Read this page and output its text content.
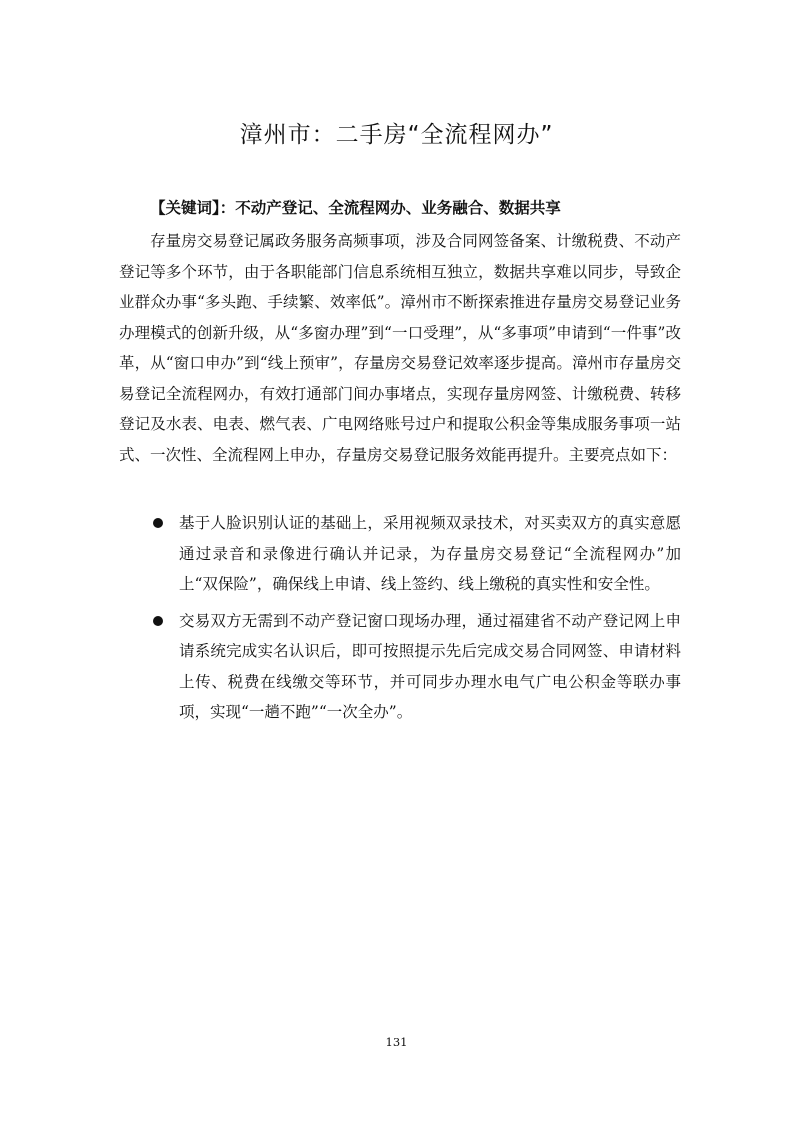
漳州市：二手房“全流程网办”
【关键词】：不动产登记、全流程网办、业务融合、数据共享
存量房交易登记属政务服务高频事项，涉及合同网签备案、计缴税费、不动产登记等多个环节，由于各职能部门信息系统相互独立，数据共享难以同步，导致企业群众办事“多头跑、手续繁、效率低”。漳州市不断探索推进存量房交易登记业务办理模式的创新升级，从“多窗办理”到“一口受理”，从“多事项”申请到“一件事”改革，从“窗口申办”到“线上预审”，存量房交易登记效率逐步提高。漳州市存量房交易登记全流程网办，有效打通部门间办事堵点，实现存量房网签、计缴税费、转移登记及水表、电表、燃气表、广电网络账号过户和提取公积金等集成服务事项一站式、一次性、全流程网上申办，存量房交易登记服务效能再提升。主要亮点如下：
基于人脸识别认证的基础上，采用视频双录技术，对买卖双方的真实意愿通过录音和录像进行确认并记录，为存量房交易登记“全流程网办”加上“双保险”，确保线上申请、线上签约、线上缴税的真实性和安全性。
交易双方无需到不动产登记窗口现场办理，通过福建省不动产登记网上申请系统完成实名认识后，即可按照提示先后完成交易合同网签、申请材料上传、税费在线缴交等环节，并可同步办理水电气广电公积金等联办事项，实现“一趟不跑”“一次全办”。
131
